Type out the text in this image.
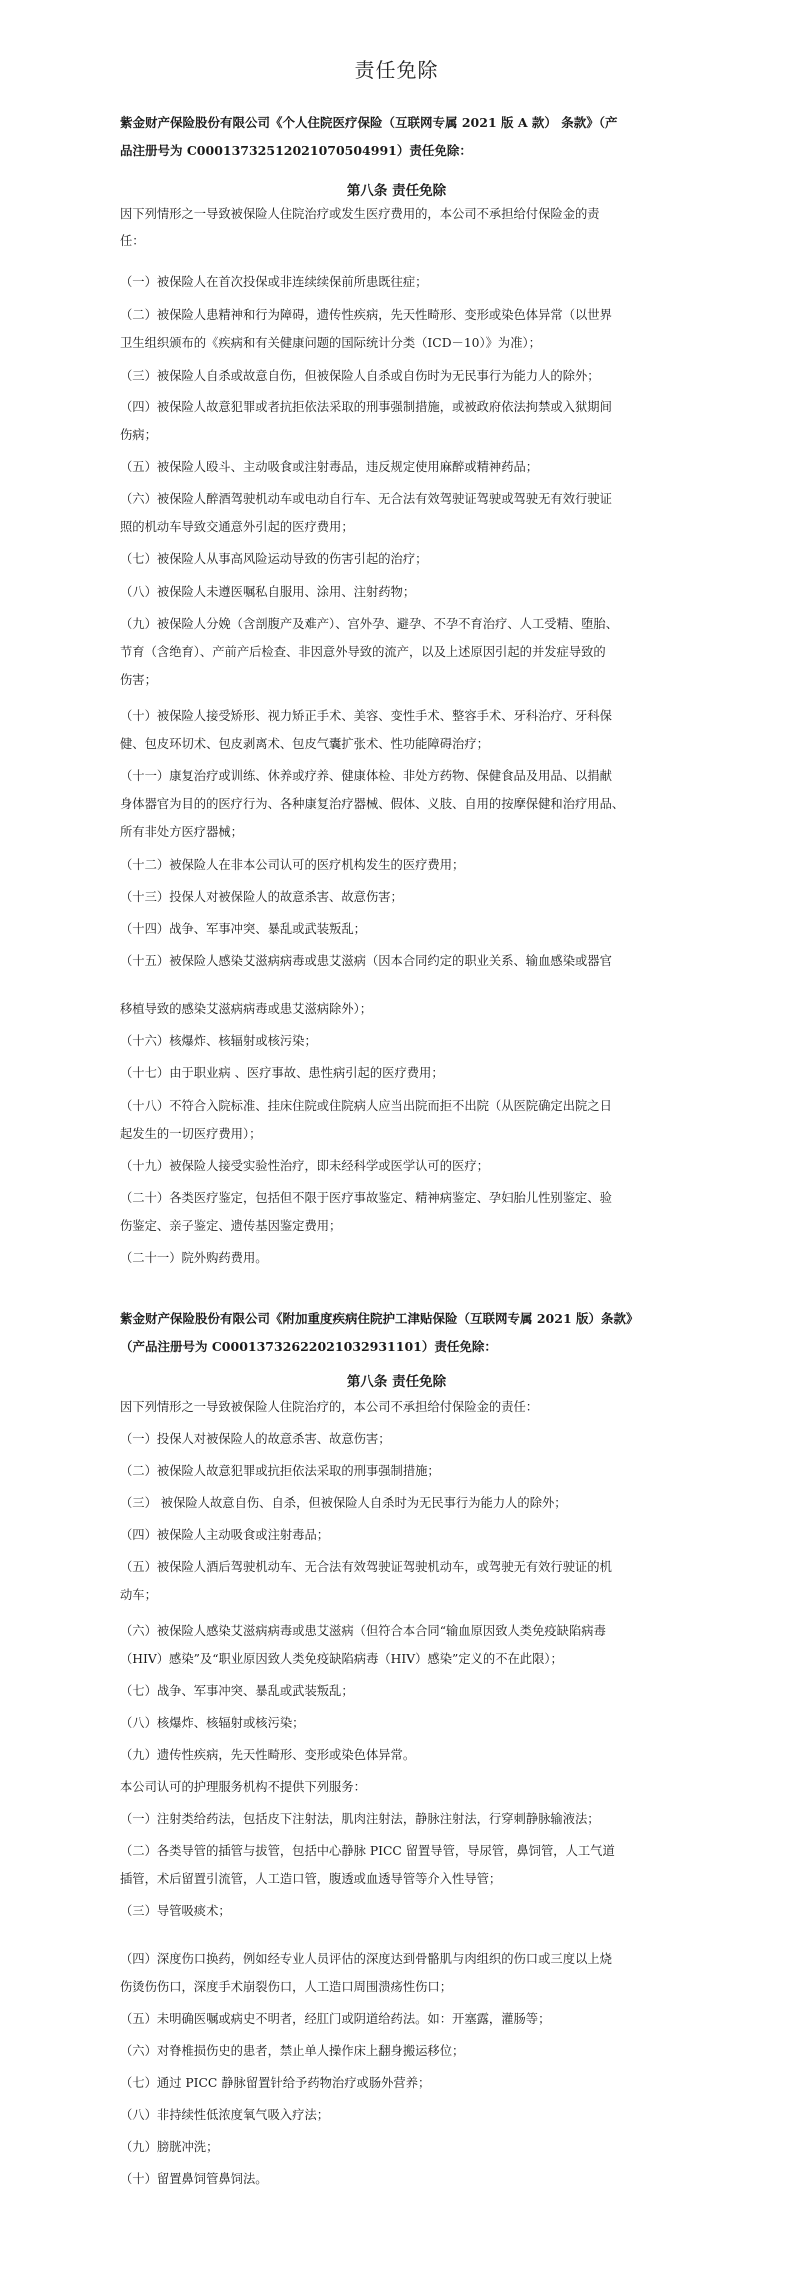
责任免除
紫金财产保险股份有限公司《个人住院医疗保险（互联网专属 2021 版 A 款） 条款》（产
品注册号为 C00013732512021070504991）责任免除：
第八条 责任免除
因下列情形之一导致被保险人住院治疗或发生医疗费用的，本公司不承担给付保险金的责
任：
（一）被保险人在首次投保或非连续续保前所患既往症；
（二）被保险人患精神和行为障碍，遗传性疾病，先天性畸形、变形或染色体异常（以世界
卫生组织颁布的《疾病和有关健康问题的国际统计分类（ICD－10）》为准）；
（三）被保险人自杀或故意自伤，但被保险人自杀或自伤时为无民事行为能力人的除外；
（四）被保险人故意犯罪或者抗拒依法采取的刑事强制措施，或被政府依法拘禁或入狱期间
伤病；
（五）被保险人殴斗、主动吸食或注射毒品，违反规定使用麻醉或精神药品；
（六）被保险人醉酒驾驶机动车或电动自行车、无合法有效驾驶证驾驶或驾驶无有效行驶证
照的机动车导致交通意外引起的医疗费用；
（七）被保险人从事高风险运动导致的伤害引起的治疗；
（八）被保险人未遵医嘱私自服用、涂用、注射药物；
（九）被保险人分娩（含剖腹产及难产）、宫外孕、避孕、不孕不育治疗、人工受精、堕胎、
节育（含绝育）、产前产后检查、非因意外导致的流产，以及上述原因引起的并发症导致的
伤害；
（十）被保险人接受矫形、视力矫正手术、美容、变性手术、整容手术、牙科治疗、牙科保
健、包皮环切术、包皮剥离术、包皮气囊扩张术、性功能障碍治疗；
（十一）康复治疗或训练、休养或疗养、健康体检、非处方药物、保健食品及用品、以捐献
身体器官为目的的医疗行为、各种康复治疗器械、假体、义肢、自用的按摩保健和治疗用品、
所有非处方医疗器械；
（十二）被保险人在非本公司认可的医疗机构发生的医疗费用；
（十三）投保人对被保险人的故意杀害、故意伤害；
（十四）战争、军事冲突、暴乱或武装叛乱；
（十五）被保险人感染艾滋病病毒或患艾滋病（因本合同约定的职业关系、输血感染或器官
移植导致的感染艾滋病病毒或患艾滋病除外）；
（十六）核爆炸、核辐射或核污染；
（十七）由于职业病 、医疗事故、患性病引起的医疗费用；
（十八）不符合入院标准、挂床住院或住院病人应当出院而拒不出院（从医院确定出院之日
起发生的一切医疗费用）；
（十九）被保险人接受实验性治疗，即未经科学或医学认可的医疗；
（二十）各类医疗鉴定，包括但不限于医疗事故鉴定、精神病鉴定、孕妇胎儿性别鉴定、验
伤鉴定、亲子鉴定、遗传基因鉴定费用；
（二十一）院外购药费用。
紫金财产保险股份有限公司《附加重度疾病住院护工津贴保险（互联网专属 2021 版）条款》
（产品注册号为 C00013732622021032931101）责任免除：
第八条 责任免除
因下列情形之一导致被保险人住院治疗的，本公司不承担给付保险金的责任：
（一）投保人对被保险人的故意杀害、故意伤害；
（二）被保险人故意犯罪或抗拒依法采取的刑事强制措施；
（三） 被保险人故意自伤、自杀，但被保险人自杀时为无民事行为能力人的除外；
（四）被保险人主动吸食或注射毒品；
（五）被保险人酒后驾驶机动车、无合法有效驾驶证驾驶机动车，或驾驶无有效行驶证的机
动车；
（六）被保险人感染艾滋病病毒或患艾滋病（但符合本合同“输血原因致人类免疫缺陷病毒
（HIV）感染”及“职业原因致人类免疫缺陷病毒（HIV）感染”定义的不在此限）；
（七）战争、军事冲突、暴乱或武装叛乱；
（八）核爆炸、核辐射或核污染；
（九）遗传性疾病，先天性畸形、变形或染色体异常。
本公司认可的护理服务机构不提供下列服务：
（一）注射类给药法，包括皮下注射法，肌肉注射法，静脉注射法，行穿刺静脉输液法；
（二）各类导管的插管与拔管，包括中心静脉 PICC 留置导管，导尿管，鼻饲管，人工气道
插管，术后留置引流管，人工造口管，腹透或血透导管等介入性导管；
（三）导管吸痰术；
（四）深度伤口换药，例如经专业人员评估的深度达到骨骼肌与肉组织的伤口或三度以上烧
伤烫伤伤口，深度手术崩裂伤口，人工造口周围溃疡性伤口；
（五）未明确医嘱或病史不明者，经肛门或阴道给药法。如：开塞露，灌肠等；
（六）对脊椎损伤史的患者，禁止单人操作床上翻身搬运移位；
（七）通过 PICC 静脉留置针给予药物治疗或肠外营养；
（八）非持续性低浓度氧气吸入疗法；
（九）膀胱冲洗；
（十）留置鼻饲管鼻饲法。
